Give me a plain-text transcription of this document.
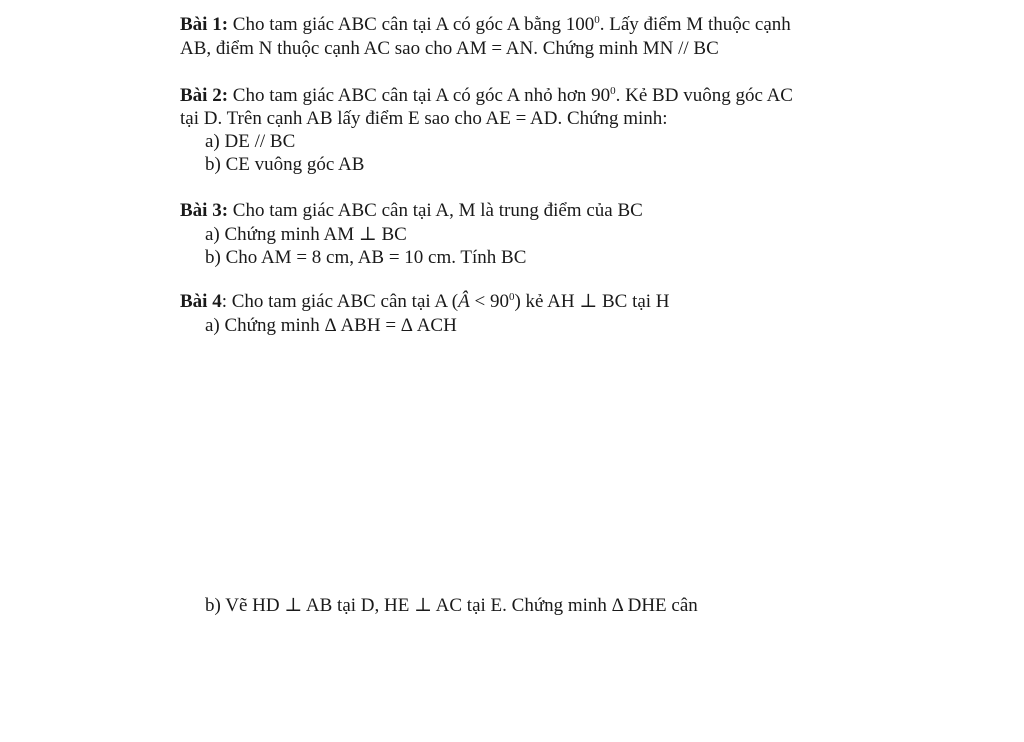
Bài 1: Cho tam giác ABC cân tại A có góc A bằng $100^0$. Lấy điểm M thuộc cạnh
AB, điểm N thuộc cạnh AC sao cho AM = AN. Chứng minh MN // BC
Bài 2: Cho tam giác ABC cân tại A có góc A nhỏ hơn $90^0$. Kẻ BD vuông góc AC
tại D. Trên cạnh AB lấy điểm E sao cho AE = AD. Chứng minh:
a) DE // BC
b) CE vuông góc AB
Bài 3: Cho tam giác ABC cân tại A, M là trung điểm của BC
a) Chứng minh AM ⊥ BC
b) Cho AM = 8 cm, AB = 10 cm. Tính BC
Bài 4: Cho tam giác ABC cân tại A (Â < $90^0$) kẻ AH ⊥ BC tại H
a) Chứng minh Δ ABH = Δ ACH
b) Vẽ HD ⊥ AB tại D, HE ⊥ AC tại E. Chứng minh Δ DHE cân
